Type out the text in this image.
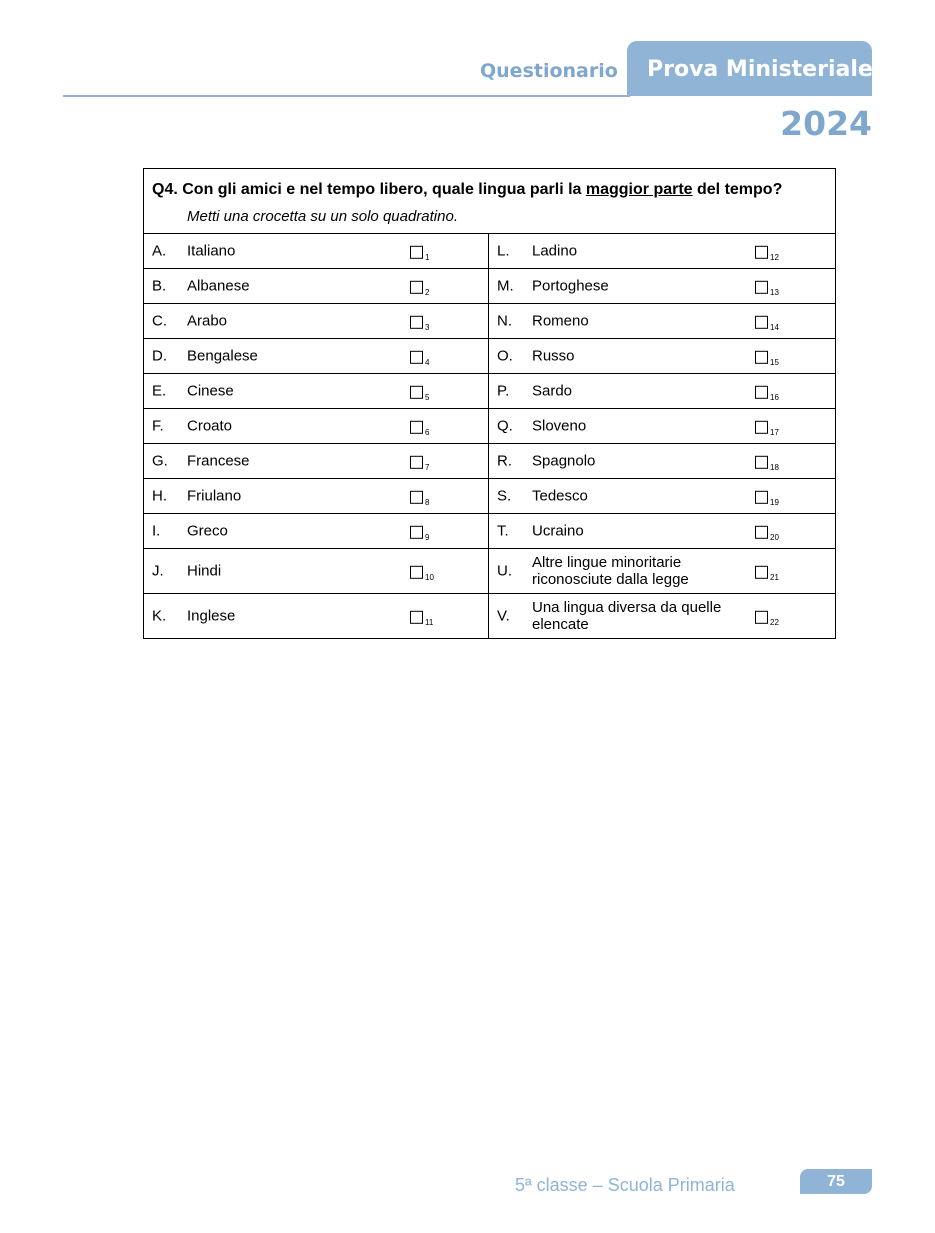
Questionario Prova Ministeriale
2024
Q4. Con gli amici e nel tempo libero, quale lingua parli la maggior parte del tempo?
Metti una crocetta su un solo quadratino.	

A. Italiano 1	L. Ladino 12

B. Albanese 2	M. Portoghese 13

C. Arabo 3	N. Romeno 14

D. Bengalese 4	O. Russo 15

E. Cinese 5	P. Sardo 16

F. Croato 6	Q. Sloveno 17

G. Francese 7	R. Spagnolo 18

H. Friulano 8	S. Tedesco 19

I. Greco 9	T. Ucraino 20

J. Hindi 10	U. Altre lingue minoritarie riconosciute dalla legge 21

K. Inglese 11	V. Una lingua diversa da quelle elencate 22
5ª classe – Scuola Primaria	75
